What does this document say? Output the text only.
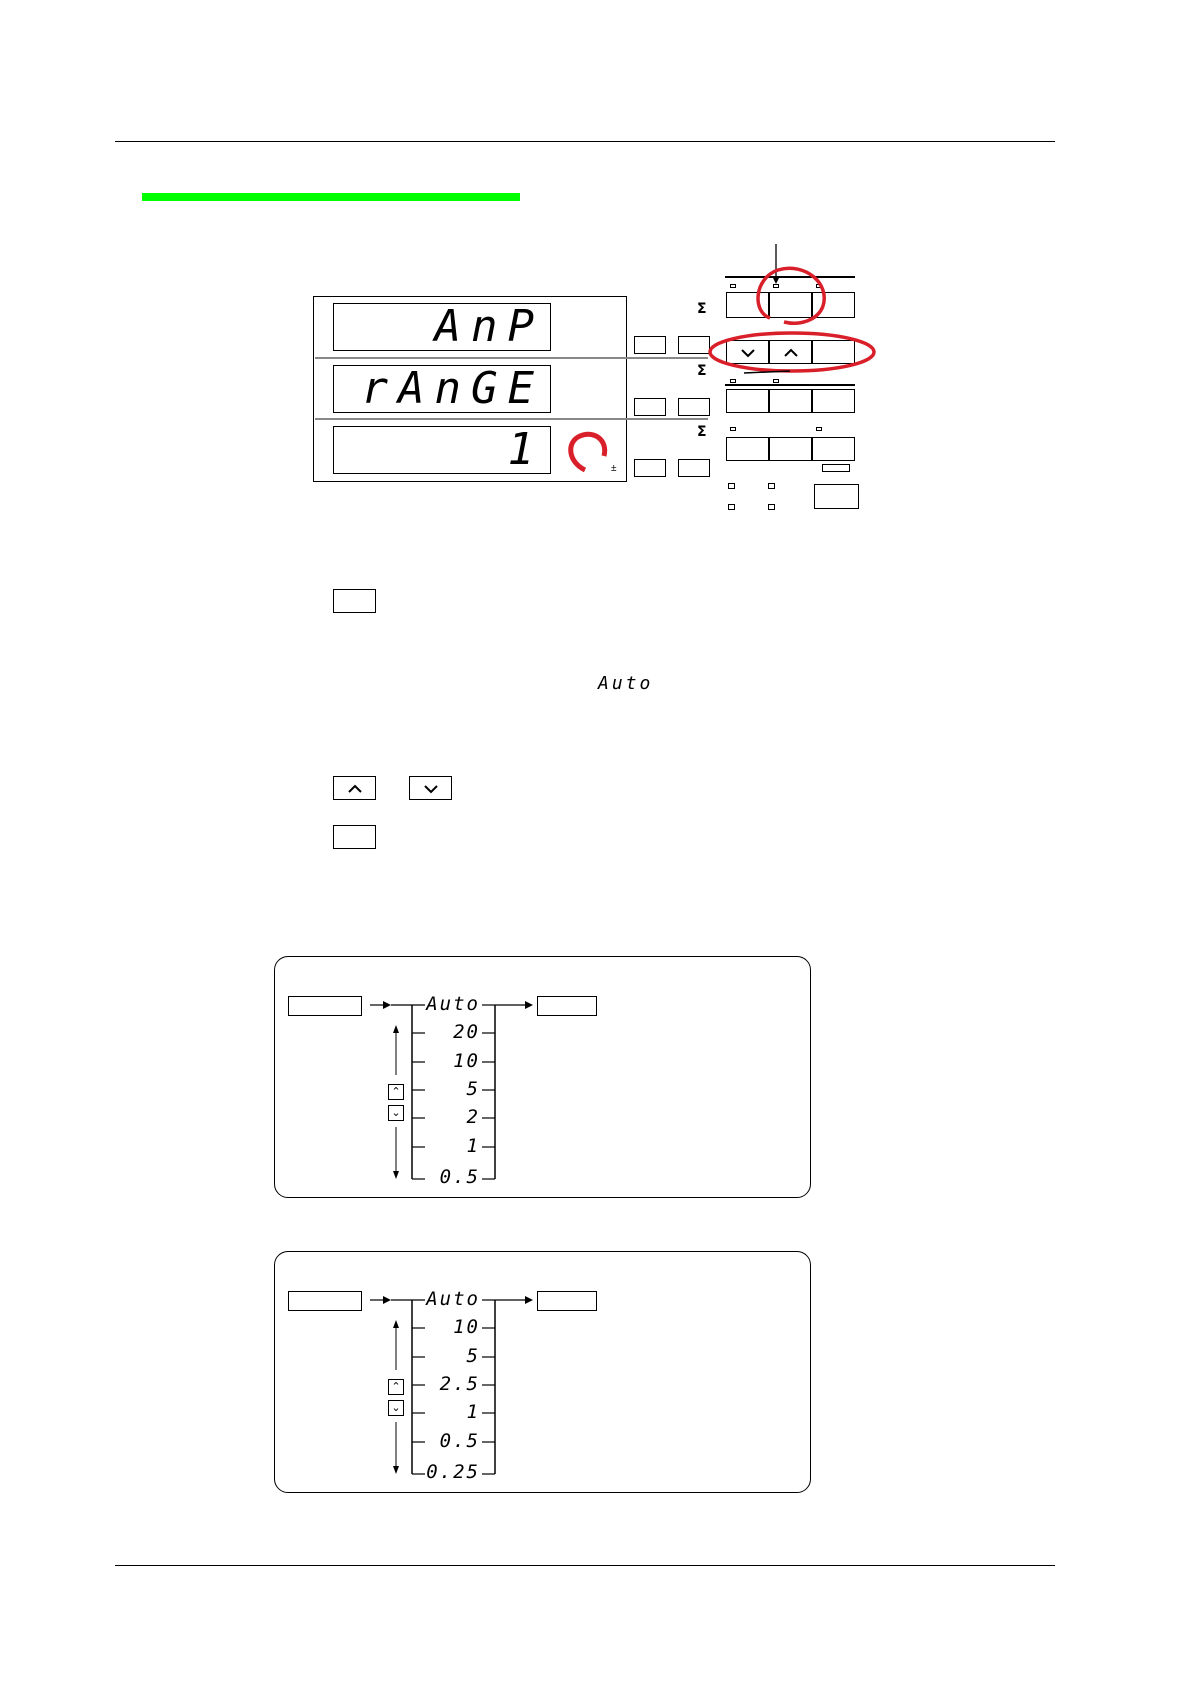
AnP
rAnGE
1	±
Σ
Σ
Σ
Auto
⌃
⌄
Auto
20
10
5
2
1
0.5
⌃
⌄
Auto
10
5
2.5
1
0.5
0.25
